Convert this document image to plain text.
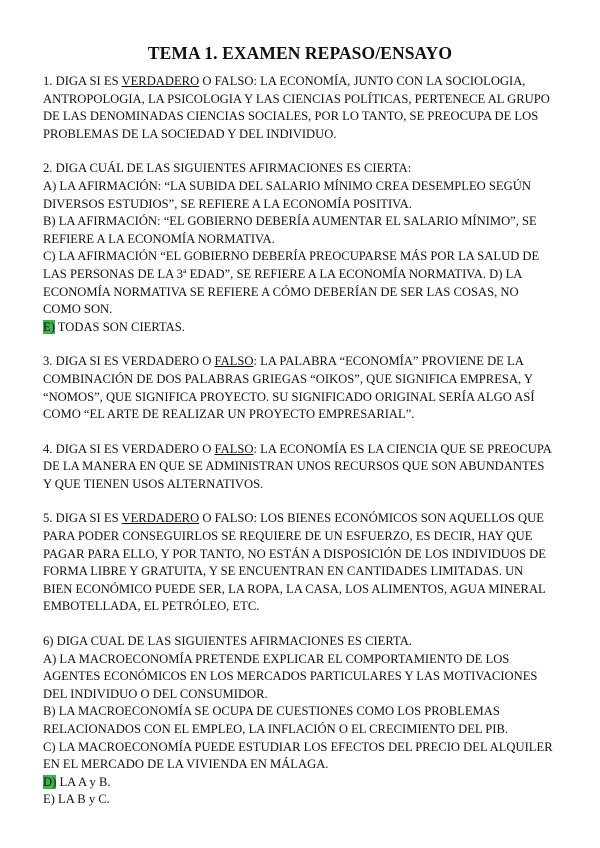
TEMA 1. EXAMEN REPASO/ENSAYO

1. DIGA SI ES VERDADERO O FALSO: LA ECONOMÍA, JUNTO CON LA SOCIOLOGIA, ANTROPOLOGIA, LA PSICOLOGIA Y LAS CIENCIAS POLÍTICAS, PERTENECE AL GRUPO DE LAS DENOMINADAS CIENCIAS SOCIALES, POR LO TANTO, SE PREOCUPA DE LOS PROBLEMAS DE LA SOCIEDAD Y DEL INDIVIDUO.

2. DIGA CUÁL DE LAS SIGUIENTES AFIRMACIONES ES CIERTA:

A) LA AFIRMACIÓN: “LA SUBIDA DEL SALARIO MÍNIMO CREA DESEMPLEO SEGÚN DIVERSOS ESTUDIOS”, SE REFIERE A LA ECONOMÍA POSITIVA.

B) LA AFIRMACIÓN: “EL GOBIERNO DEBERÍA AUMENTAR EL SALARIO MÍNIMO”, SE REFIERE A LA ECONOMÍA NORMATIVA.

C) LA AFIRMACIÓN “EL GOBIERNO DEBERÍA PREOCUPARSE MÁS POR LA SALUD DE LAS PERSONAS DE LA 3ª EDAD”, SE REFIERE A LA ECONOMÍA NORMATIVA. D) LA ECONOMÍA NORMATIVA SE REFIERE A CÓMO DEBERÍAN DE SER LAS COSAS, NO COMO SON.

E) TODAS SON CIERTAS.

3. DIGA SI ES VERDADERO O FALSO: LA PALABRA “ECONOMÍA” PROVIENE DE LA COMBINACIÓN DE DOS PALABRAS GRIEGAS “OIKOS”, QUE SIGNIFICA EMPRESA, Y “NOMOS”, QUE SIGNIFICA PROYECTO. SU SIGNIFICADO ORIGINAL SERÍA ALGO ASÍ COMO “EL ARTE DE REALIZAR UN PROYECTO EMPRESARIAL”.

4. DIGA SI ES VERDADERO O FALSO: LA ECONOMÍA ES LA CIENCIA QUE SE PREOCUPA DE LA MANERA EN QUE SE ADMINISTRAN UNOS RECURSOS QUE SON ABUNDANTES Y QUE TIENEN USOS ALTERNATIVOS.

5. DIGA SI ES VERDADERO O FALSO: LOS BIENES ECONÓMICOS SON AQUELLOS QUE PARA PODER CONSEGUIRLOS SE REQUIERE DE UN ESFUERZO, ES DECIR, HAY QUE PAGAR PARA ELLO, Y POR TANTO, NO ESTÁN A DISPOSICIÓN DE LOS INDIVIDUOS DE FORMA LIBRE Y GRATUITA, Y SE ENCUENTRAN EN CANTIDADES LIMITADAS. UN BIEN ECONÓMICO PUEDE SER, LA ROPA, LA CASA, LOS ALIMENTOS, AGUA MINERAL EMBOTELLADA, EL PETRÓLEO, ETC.

6) DIGA CUAL DE LAS SIGUIENTES AFIRMACIONES ES CIERTA.

A) LA MACROECONOMÍA PRETENDE EXPLICAR EL COMPORTAMIENTO DE LOS AGENTES ECONÓMICOS EN LOS MERCADOS PARTICULARES Y LAS MOTIVACIONES DEL INDIVIDUO O DEL CONSUMIDOR.

B) LA MACROECONOMÍA SE OCUPA DE CUESTIONES COMO LOS PROBLEMAS RELACIONADOS CON EL EMPLEO, LA INFLACIÓN O EL CRECIMIENTO DEL PIB.

C) LA MACROECONOMÍA PUEDE ESTUDIAR LOS EFECTOS DEL PRECIO DEL ALQUILER EN EL MERCADO DE LA VIVIENDA EN MÁLAGA.

D) LA A y B.

E) LA B y C.
